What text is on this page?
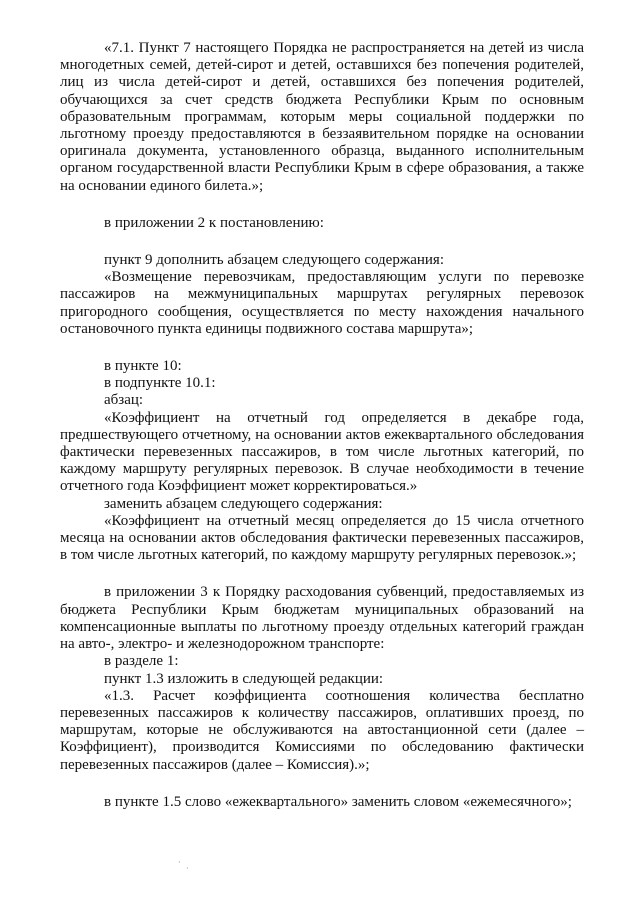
«7.1. Пункт 7 настоящего Порядка не распространяется на детей из числа многодетных семей, детей-сирот и детей, оставшихся без попечения родителей, лиц из числа детей-сирот и детей, оставшихся без попечения родителей, обучающихся за счет средств бюджета Республики Крым по основным образовательным программам, которым меры социальной поддержки по льготному проезду предоставляются в беззаявительном порядке на основании оригинала документа, установленного образца, выданного исполнительным органом государственной власти Республики Крым в сфере образования, а также на основании единого билета.»;

в приложении 2 к постановлению:

пункт 9 дополнить абзацем следующего содержания:

«Возмещение перевозчикам, предоставляющим услуги по перевозке пассажиров на межмуниципальных маршрутах регулярных перевозок пригородного сообщения, осуществляется по месту нахождения начального остановочного пункта единицы подвижного состава маршрута»;

в пункте 10:

в подпункте 10.1:

абзац:

«Коэффициент на отчетный год определяется в декабре года, предшествующего отчетному, на основании актов ежеквартального обследования фактически перевезенных пассажиров, в том числе льготных категорий, по каждому маршруту регулярных перевозок. В случае необходимости в течение отчетного года Коэффициент может корректироваться.»

заменить абзацем следующего содержания:

«Коэффициент на отчетный месяц определяется до 15 числа отчетного месяца на основании актов обследования фактически перевезенных пассажиров, в том числе льготных категорий, по каждому маршруту регулярных перевозок.»;

в приложении 3 к Порядку расходования субвенций, предоставляемых из бюджета Республики Крым бюджетам муниципальных образований на компенсационные выплаты по льготному проезду отдельных категорий граждан на авто-, электро- и железнодорожном транспорте:

в разделе 1:

пункт 1.3 изложить в следующей редакции:

«1.3. Расчет коэффициента соотношения количества бесплатно перевезенных пассажиров к количеству пассажиров, оплативших проезд, по маршрутам, которые не обслуживаются на автостанционной сети (далее – Коэффициент), производится Комиссиями по обследованию фактически перевезенных пассажиров (далее – Комиссия).»;

в пункте 1.5 слово «ежеквартального» заменить словом «ежемесячного»;

·
·
